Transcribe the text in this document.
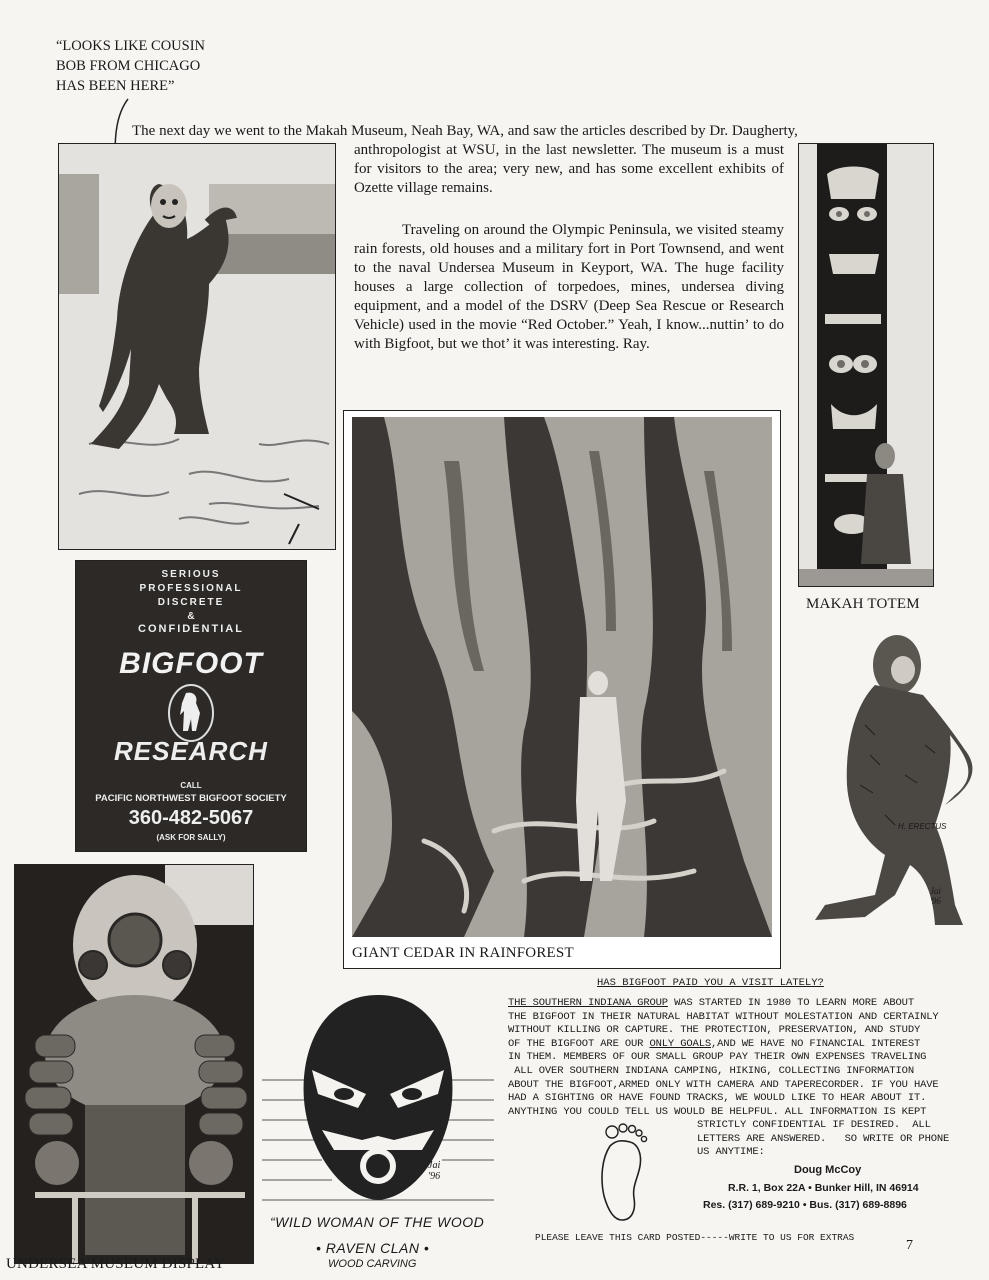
“LOOKS LIKE COUSIN
BOB FROM CHICAGO
HAS BEEN HERE”
The next day we went to the Makah Museum, Neah Bay, WA, and saw the articles described by Dr. Daugherty,
anthropologist at WSU, in the last newsletter. The museum is a must for visitors to the area; very new, and has some excellent exhibits of Ozette village remains.
Traveling on around the Olympic Peninsula, we visited steamy rain forests, old houses and a military fort in Port Townsend, and went to the naval Undersea Museum in Keyport, WA. The huge facility houses a large collection of torpedoes, mines, undersea diving equipment, and a model of the DSRV (Deep Sea Rescue or Research Vehicle) used in the movie “Red October.” Yeah, I know...nuttin’ to do with Bigfoot, but we thot’ it was interesting. Ray.
MAKAH TOTEM
SERIOUS
PROFESSIONAL
DISCRETE
&
CONFIDENTIAL
BIGFOOT
RESEARCH
CALL
PACIFIC NORTHWEST BIGFOOT SOCIETY
360-482-5067
(ASK FOR SALLY)
GIANT CEDAR IN RAINFOREST
H. ERECTUS
Jai
'96
UNDERSEA MUSEUM DISPLAY
Jai
'96
“WILD WOMAN OF THE WOOD
• RAVEN CLAN •
WOOD CARVING
HAS BIGFOOT PAID YOU A VISIT LATELY?
THE SOUTHERN INDIANA GROUP WAS STARTED IN 1980 TO LEARN MORE ABOUT
THE BIGFOOT IN THEIR NATURAL HABITAT WITHOUT MOLESTATION AND CERTAINLY
WITHOUT KILLING OR CAPTURE. THE PROTECTION, PRESERVATION, AND STUDY
OF THE BIGFOOT ARE OUR ONLY GOALS,AND WE HAVE NO FINANCIAL INTEREST
IN THEM. MEMBERS OF OUR SMALL GROUP PAY THEIR OWN EXPENSES TRAVELING
ALL OVER SOUTHERN INDIANA CAMPING, HIKING, COLLECTING INFORMATION
ABOUT THE BIGFOOT,ARMED ONLY WITH CAMERA AND TAPERECORDER. IF YOU HAVE
HAD A SIGHTING OR HAVE FOUND TRACKS, WE WOULD LIKE TO HEAR ABOUT IT.
ANYTHING YOU COULD TELL US WOULD BE HELPFUL. ALL INFORMATION IS KEPT
STRICTLY CONFIDENTIAL IF DESIRED.  ALL
LETTERS ARE ANSWERED.   SO WRITE OR PHONE
US ANYTIME:
Doug McCoy
R.R. 1, Box 22A • Bunker Hill, IN 46914
Res. (317) 689-9210 • Bus. (317) 689-8896
PLEASE LEAVE THIS CARD POSTED-----WRITE TO US FOR EXTRAS
7
